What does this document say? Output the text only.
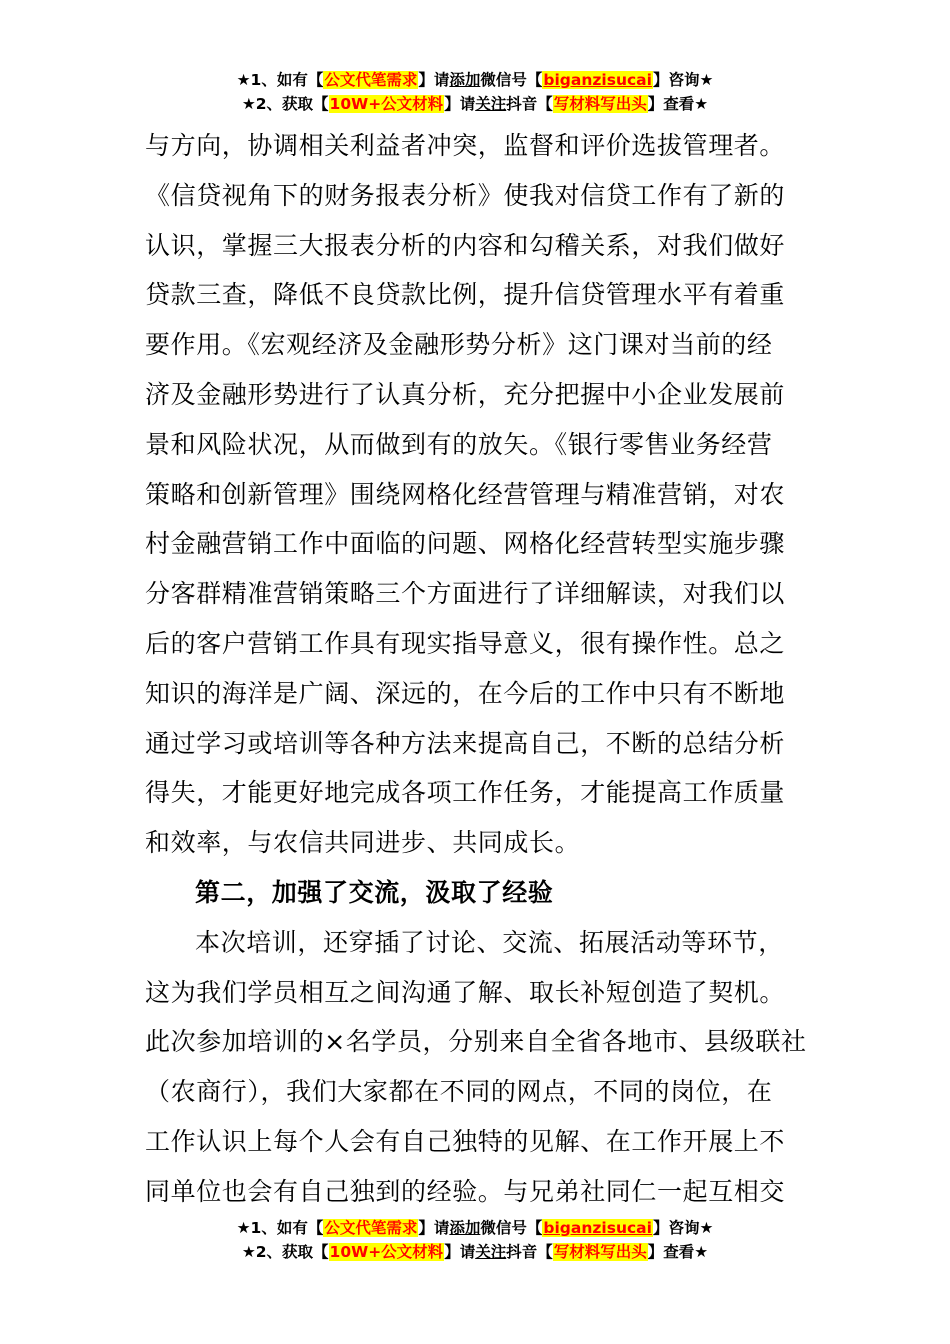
★1、如有【公文代笔需求】请添加微信号【biganzisucai】咨询★
★2、获取【10W+公文材料】请关注抖音【写材料写出头】查看★
与方向，协调相关利益者冲突，监督和评价选拔管理者。
《信贷视角下的财务报表分析》使我对信贷工作有了新的
认识，掌握三大报表分析的内容和勾稽关系，对我们做好
贷款三查，降低不良贷款比例，提升信贷管理水平有着重
要作用。《宏观经济及金融形势分析》这门课对当前的经
济及金融形势进行了认真分析，充分把握中小企业发展前
景和风险状况，从而做到有的放矢。《银行零售业务经营
策略和创新管理》围绕网格化经营管理与精准营销，对农
村金融营销工作中面临的问题、网格化经营转型实施步骤
分客群精准营销策略三个方面进行了详细解读，对我们以
后的客户营销工作具有现实指导意义，很有操作性。总之
知识的海洋是广阔、深远的，在今后的工作中只有不断地
通过学习或培训等各种方法来提高自己，不断的总结分析
得失，才能更好地完成各项工作任务，才能提高工作质量
和效率，与农信共同进步、共同成长。
第二，加强了交流，汲取了经验
本次培训，还穿插了讨论、交流、拓展活动等环节，
这为我们学员相互之间沟通了解、取长补短创造了契机。
此次参加培训的×名学员，分别来自全省各地市、县级联社
（农商行），我们大家都在不同的网点，不同的岗位，在
工作认识上每个人会有自己独特的见解、在工作开展上不
同单位也会有自己独到的经验。与兄弟社同仁一起互相交
★1、如有【公文代笔需求】请添加微信号【biganzisucai】咨询★
★2、获取【10W+公文材料】请关注抖音【写材料写出头】查看★
